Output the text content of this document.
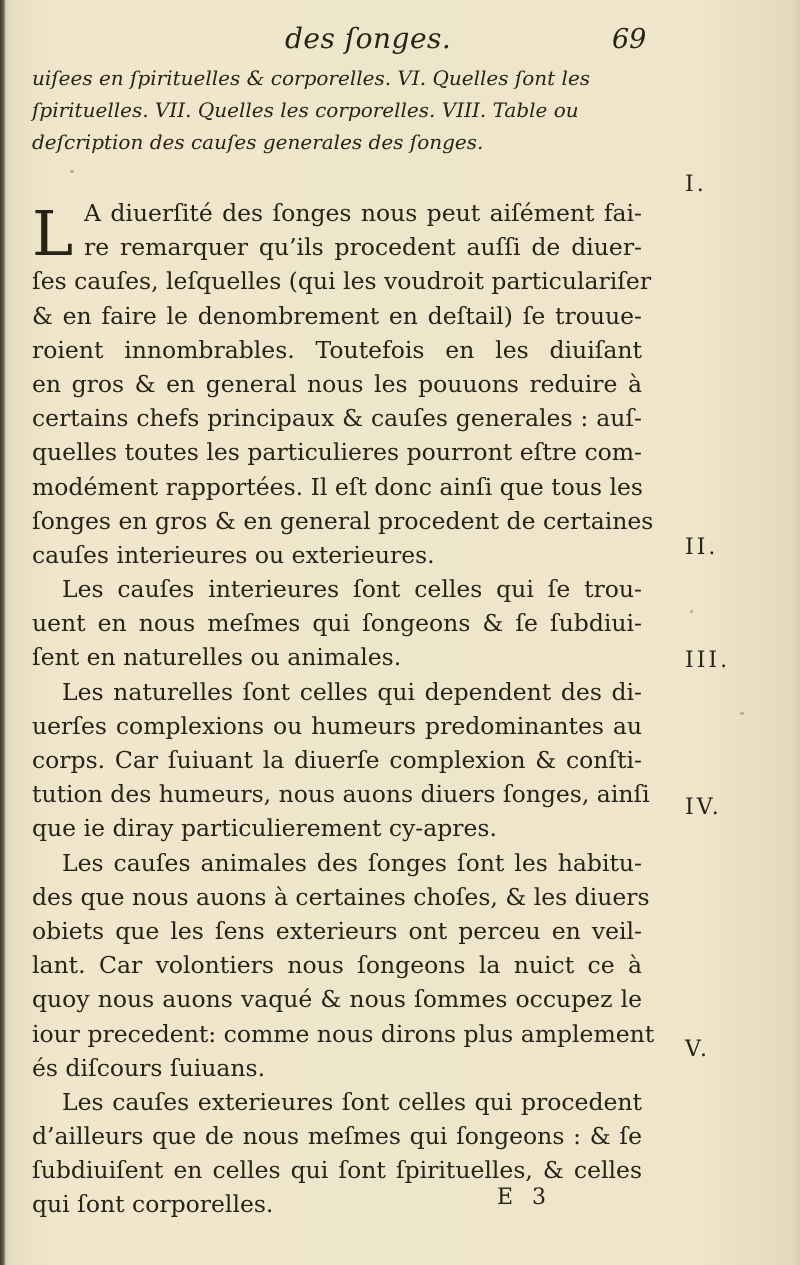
des ſonges.	69
uiſees en ſpirituelles & corporelles. VI. Quelles ſont les
ſpirituelles. VII. Quelles les corporelles. VIII. Table ou
deſcription des cauſes generales des ſonges.
L A diuerſité des ſonges nous peut aiſément fai-
re remarquer qu’ils procedent auſſi de diuer-
ſes cauſes, leſquelles (qui les voudroit particulariſer
& en faire le denombrement en deſtail) ſe trouue-
roient innombrables. Toutefois en les diuiſant
en gros & en general nous les pouuons reduire à
certains chefs principaux & cauſes generales : auſ-
quelles toutes les particulieres pourront eſtre com-
modément rapportées. Il eſt donc ainſi que tous les
ſonges en gros & en general procedent de certaines
cauſes interieures ou exterieures.
Les cauſes interieures ſont celles qui ſe trou-
uent en nous meſmes qui ſongeons & ſe ſubdiui-
ſent en naturelles ou animales.
Les naturelles ſont celles qui dependent des di-
uerſes complexions ou humeurs predominantes au
corps. Car ſuiuant la diuerſe complexion & conſti-
tution des humeurs, nous auons diuers ſonges, ainſi
que ie diray particulierement cy-apres.
Les cauſes animales des ſonges ſont les habitu-
des que nous auons à certaines choſes, & les diuers
obiets que les ſens exterieurs ont perceu en veil-
lant. Car volontiers nous ſongeons la nuict ce à
quoy nous auons vaqué & nous ſommes occupez le
iour precedent: comme nous dirons plus amplement
és diſcours ſuiuans.
Les cauſes exterieures ſont celles qui procedent
d’ailleurs que de nous meſmes qui ſongeons : & ſe
ſubdiuiſent en celles qui ſont ſpirituelles, & celles
qui ſont corporelles.
I.
II.
III.
IV.
V.
E 3
